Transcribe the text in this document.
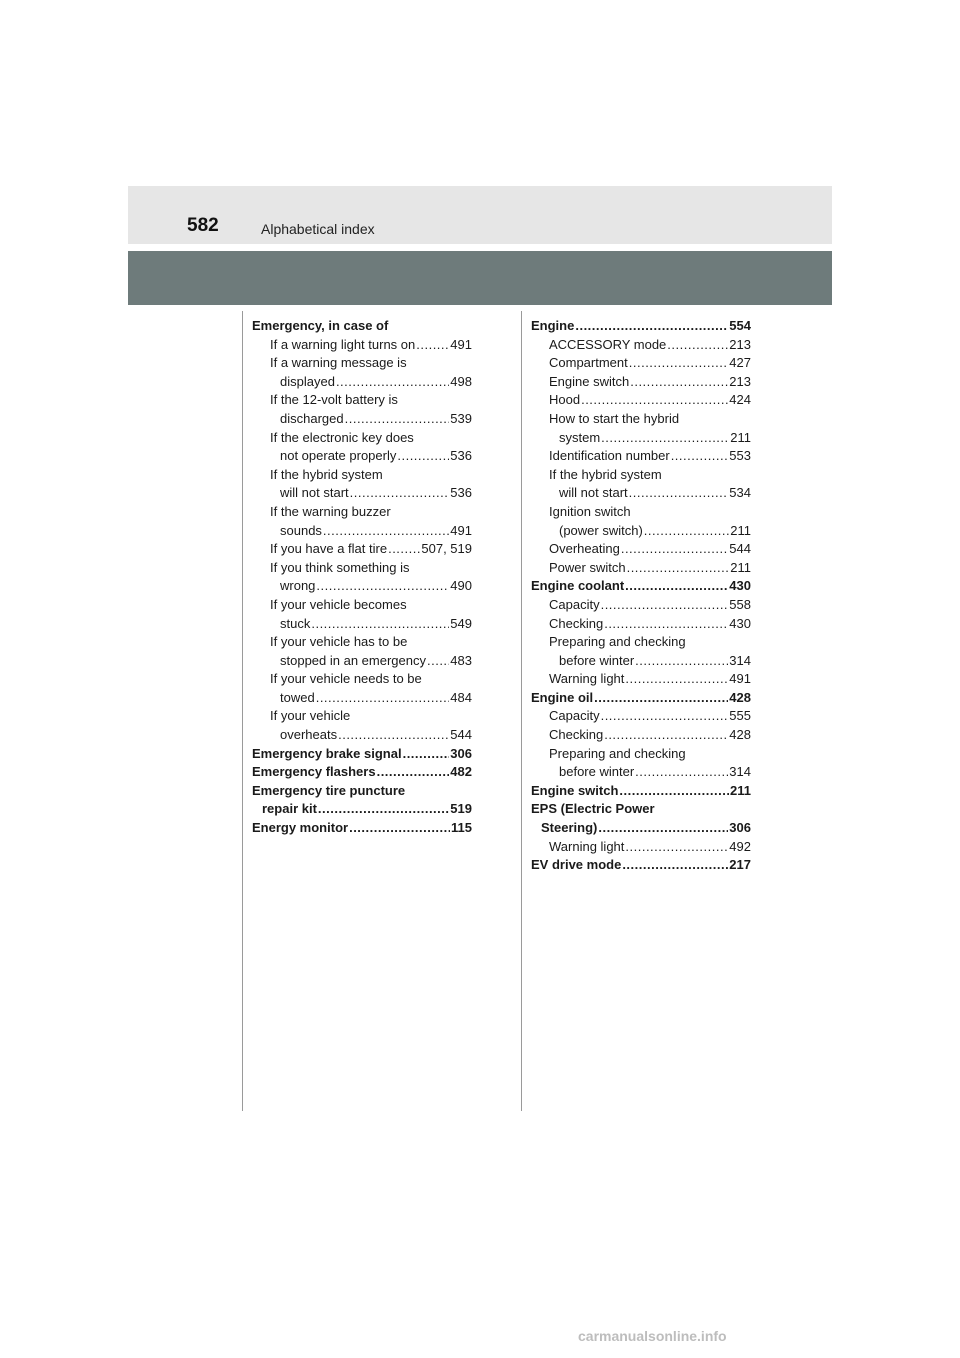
582	Alphabetical index
Emergency, in case of
If a warning light turns on .....	491
If a warning message is
displayed .....	498
If the 12-volt battery is
discharged .....	539
If the electronic key does
not operate properly .....	536
If the hybrid system
will not start .....	536
If the warning buzzer
sounds .....	491
If you have a flat tire .....	507, 519
If you think something is
wrong .....	490
If your vehicle becomes
stuck .....	549
If your vehicle has to be
stopped in an emergency ..... 483
If your vehicle needs to be
towed .....	484
If your vehicle
overheats .....	544
Emergency brake signal .....	306
Emergency flashers .....	482
Emergency tire puncture
repair kit .....	519
Energy monitor .....	115
Engine .....	554
ACCESSORY mode .....	213
Compartment .....	427
Engine switch .....	213
Hood .....	424
How to start the hybrid
system .....	211
Identification number .....	553
If the hybrid system
will not start .....	534
Ignition switch
(power switch) .....	211
Overheating .....	544
Power switch .....	211
Engine coolant .....	430
Capacity .....	558
Checking .....	430
Preparing and checking
before winter .....	314
Warning light .....	491
Engine oil .....	428
Capacity .....	555
Checking .....	428
Preparing and checking
before winter .....	314
Engine switch .....	211
EPS (Electric Power
Steering) .....	306
Warning light .....	492
EV drive mode .....	217
carmanualsonline.info
